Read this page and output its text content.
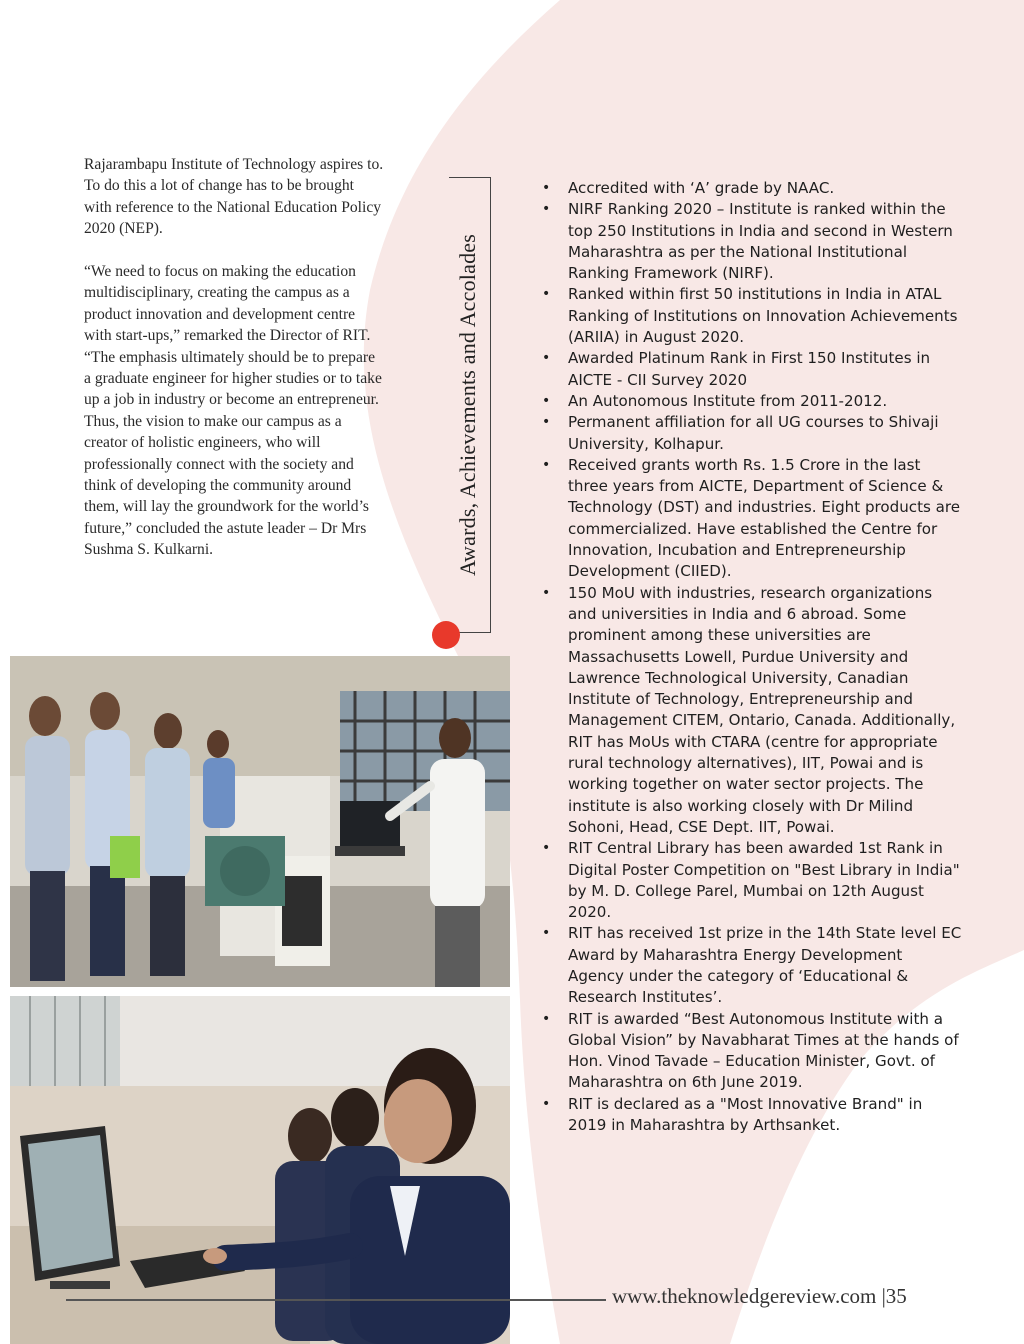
Rajarambapu Institute of Technology aspires to. To do this a lot of change has to be brought with reference to the National Education Policy 2020 (NEP).

“We need to focus on making the education multidisciplinary, creating the campus as a product innovation and development centre with start-ups,” remarked the Director of RIT. “The emphasis ultimately should be to prepare a graduate engineer for higher studies or to take up a job in industry or become an entrepreneur. Thus, the vision to make our campus as a creator of holistic engineers, who will professionally connect with the society and think of developing the community around them, will lay the groundwork for the world’s future,” concluded the astute leader – Dr Mrs Sushma S. Kulkarni.	Awards, Achievements and Accolades
• Accredited with ‘A’ grade by NAAC.
• NIRF Ranking 2020 – Institute is ranked within the top 250 Institutions in India and second in Western Maharashtra as per the National Institutional Ranking Framework (NIRF).
• Ranked within first 50 institutions in India in ATAL Ranking of Institutions on Innovation Achievements (ARIIA) in August 2020.
• Awarded Platinum Rank in First 150 Institutes in AICTE - CII Survey 2020
• An Autonomous Institute from 2011-2012.
• Permanent affiliation for all UG courses to Shivaji University, Kolhapur.
• Received grants worth Rs. 1.5 Crore in the last three years from AICTE, Department of Science & Technology (DST) and industries. Eight products are commercialized. Have established the Centre for Innovation, Incubation and Entrepreneurship Development (CIIED).
• 150 MoU with industries, research organizations and universities in India and 6 abroad. Some prominent among these universities are Massachusetts Lowell, Purdue University and Lawrence Technological University, Canadian Institute of Technology, Entrepreneurship and Management CITEM, Ontario, Canada. Additionally, RIT has MoUs with CTARA (centre for appropriate rural technology alternatives), IIT, Powai and is working together on water sector projects. The institute is also working closely with Dr Milind Sohoni, Head, CSE Dept. IIT, Powai.
• RIT Central Library has been awarded 1st Rank in Digital Poster Competition on "Best Library in India" by M. D. College Parel, Mumbai on 12th August 2020.
• RIT has received 1st prize in the 14th State level EC Award by Maharashtra Energy Development Agency under the category of ‘Educational & Research Institutes’.
• RIT is awarded “Best Autonomous Institute with a Global Vision” by Navabharat Times at the hands of Hon. Vinod Tavade – Education Minister, Govt. of Maharashtra on 6th June 2019.
• RIT is declared as a "Most Innovative Brand" in 2019 in Maharashtra by Arthsanket.
www.theknowledgereview.com |35
